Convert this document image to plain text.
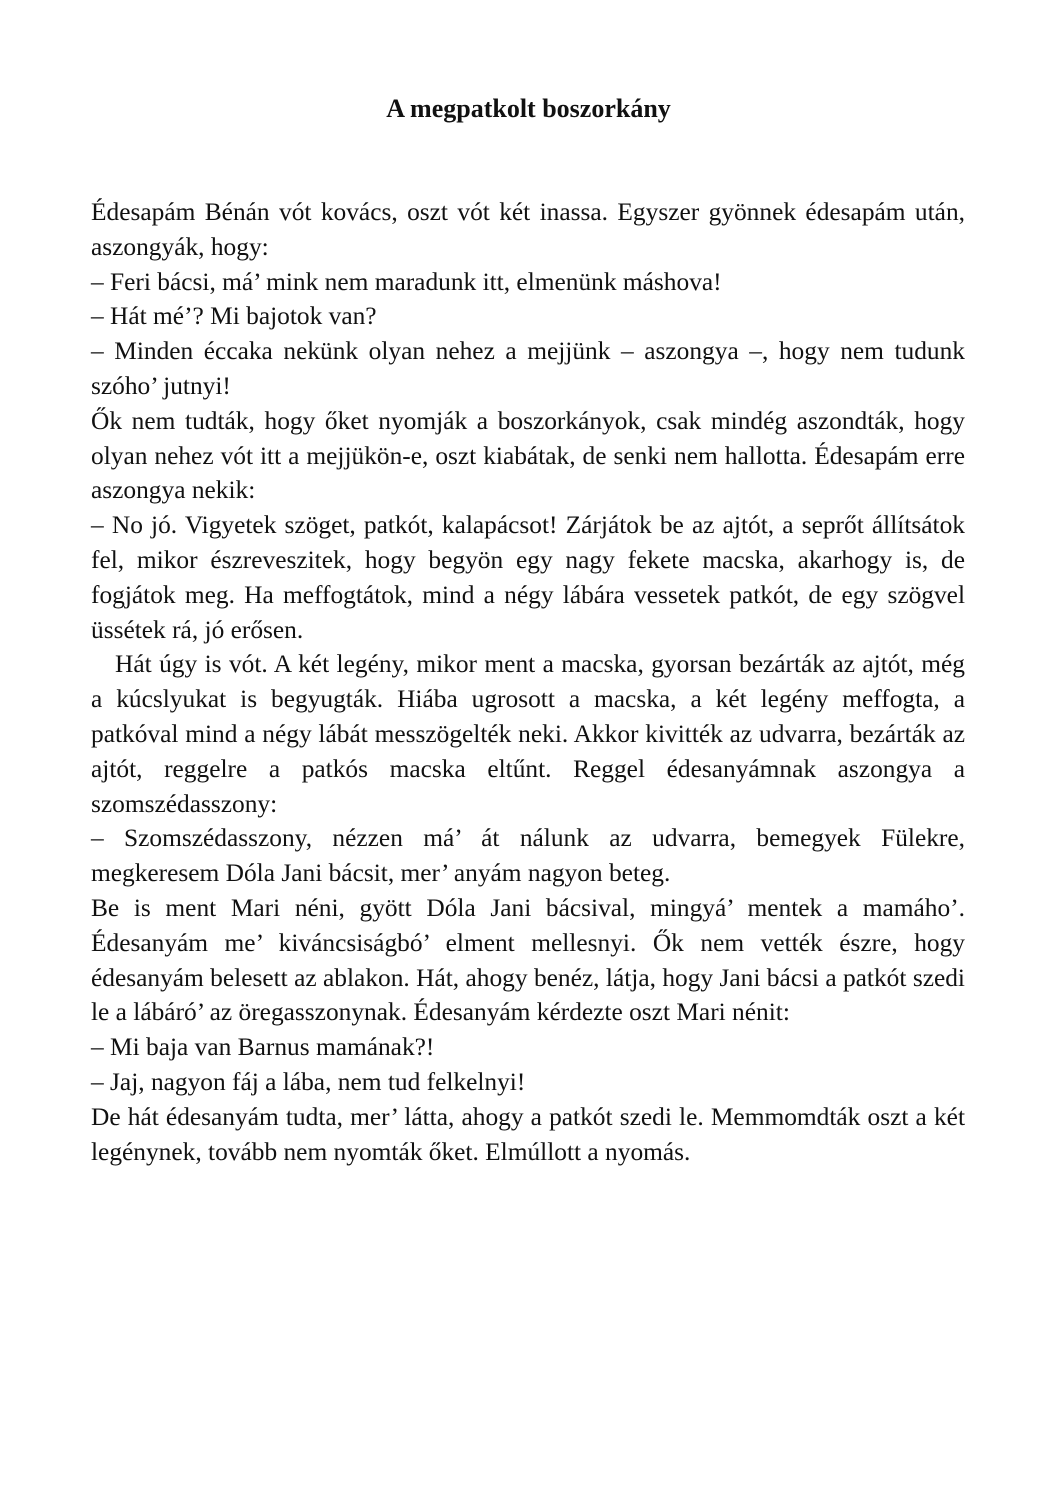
A megpatkolt boszorkány

Édesapám Bénán vót kovács, oszt vót két inassa. Egyszer gyönnek édesapám után, aszongyák, hogy:

– Feri bácsi, má’ mink nem maradunk itt, elmenünk máshova!

– Hát mé’? Mi bajotok van?

– Minden éccaka nekünk olyan nehez a mejjünk – aszongya –, hogy nem tudunk szóho’ jutnyi!

Ők nem tudták, hogy őket nyomják a boszorkányok, csak mindég aszondták, hogy olyan nehez vót itt a mejjükön-e, oszt kiabátak, de senki nem hallotta. Édesapám erre aszongya nekik:

– No jó. Vigyetek szöget, patkót, kalapácsot! Zárjátok be az ajtót, a seprőt állítsátok fel, mikor észreveszitek, hogy begyön egy nagy fekete macska, akarhogy is, de fogjátok meg. Ha meffogtátok, mind a négy lábára vessetek patkót, de egy szögvel üssétek rá, jó erősen.

Hát úgy is vót. A két legény, mikor ment a macska, gyorsan bezárták az ajtót, még a kúcslyukat is begyugták. Hiába ugrosott a macska, a két legény meffogta, a patkóval mind a négy lábát messzögelték neki. Akkor kivitték az udvarra, bezárták az ajtót, reggelre a patkós macska eltűnt. Reggel édesanyámnak aszongya a szomszédasszony:

– Szomszédasszony, nézzen má’ át nálunk az udvarra, bemegyek Fülekre, megkeresem Dóla Jani bácsit, mer’ anyám nagyon beteg.

Be is ment Mari néni, gyött Dóla Jani bácsival, mingyá’ mentek a mamáho’. Édesanyám me’ kiváncsiságbó’ elment mellesnyi. Ők nem vették észre, hogy édesanyám belesett az ablakon. Hát, ahogy benéz, látja, hogy Jani bácsi a patkót szedi le a lábáró’ az öregasszonynak. Édesanyám kérdezte oszt Mari nénit:

– Mi baja van Barnus mamának?!

– Jaj, nagyon fáj a lába, nem tud felkelnyi!

De hát édesanyám tudta, mer’ látta, ahogy a patkót szedi le. Memmomdták oszt a két legénynek, tovább nem nyomták őket. Elmúllott a nyomás.
